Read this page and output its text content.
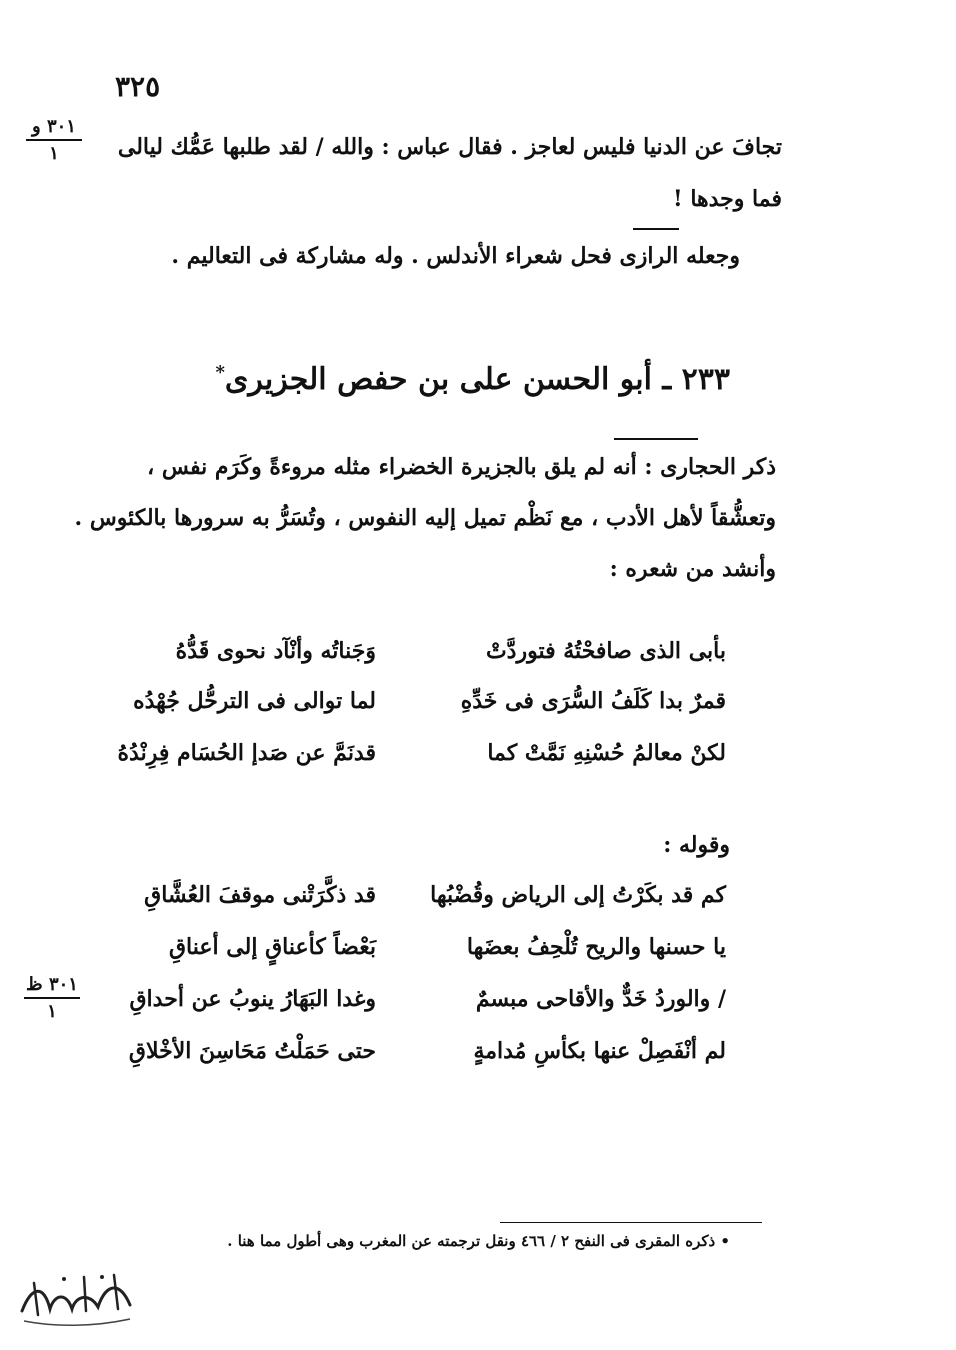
٣٢٥
٣٠١ و
١	تجافَ عن الدنيا فليس لعاجز . فقال عباس : والله / لقد طلبها عَمُّك ليالى
فما وجدها !
وجعله الرازى فحل شعراء الأندلس . وله مشاركة فى التعاليم .
٢٣٣ ـ أبو الحسن على بن حفص الجزيرى*
ذكر الحجارى : أنه لم يلق بالجزيرة الخضراء مثله مروءةً وكَرَم نفس ،
وتعشُّقاً لأهل الأدب ، مع نَظْم تميل إليه النفوس ، وتُسَرُّ به سرورها بالكئوس .
وأنشد من شعره :
بأبى الذى صافحْتُهُ فتوردَّتْ
وَجَناتُه وأنْآد نحوى قَدُّهُ
قمرٌ بدا كَلَفُ السُّرَى فى خَدِّهِ
لما توالى فى الترحُّل جُهْدُه
لكنْ معالمُ حُسْنِهِ نَمَّتْ كما
قدنَمَّ عن صَدإ الحُسَام فِرِنْدُهُ
وقوله :
كم قد بكَرْتُ إلى الرياض وقُضْبُها
قد ذكَّرَتْنى موقفَ العُشَّاقِ
يا حسنها والريح تُلْحِفُ بعضَها
بَعْضاً كأعناقٍ إلى أعناقِ
/ والوردُ خَدٌّ والأقاحى مبسمٌ
وغدا البَهَارُ ينوبُ عن أحداقِ
لم أنْفَصِلْ عنها بكأسِ مُدامةٍ
حتى حَمَلْتُ مَحَاسِنَ الأخْلاقِ
٣٠١ ظ
١
• ذكره المقرى فى النفح ٢ / ٤٦٦ ونقل ترجمته عن المغرب وهى أطول مما هنا .
